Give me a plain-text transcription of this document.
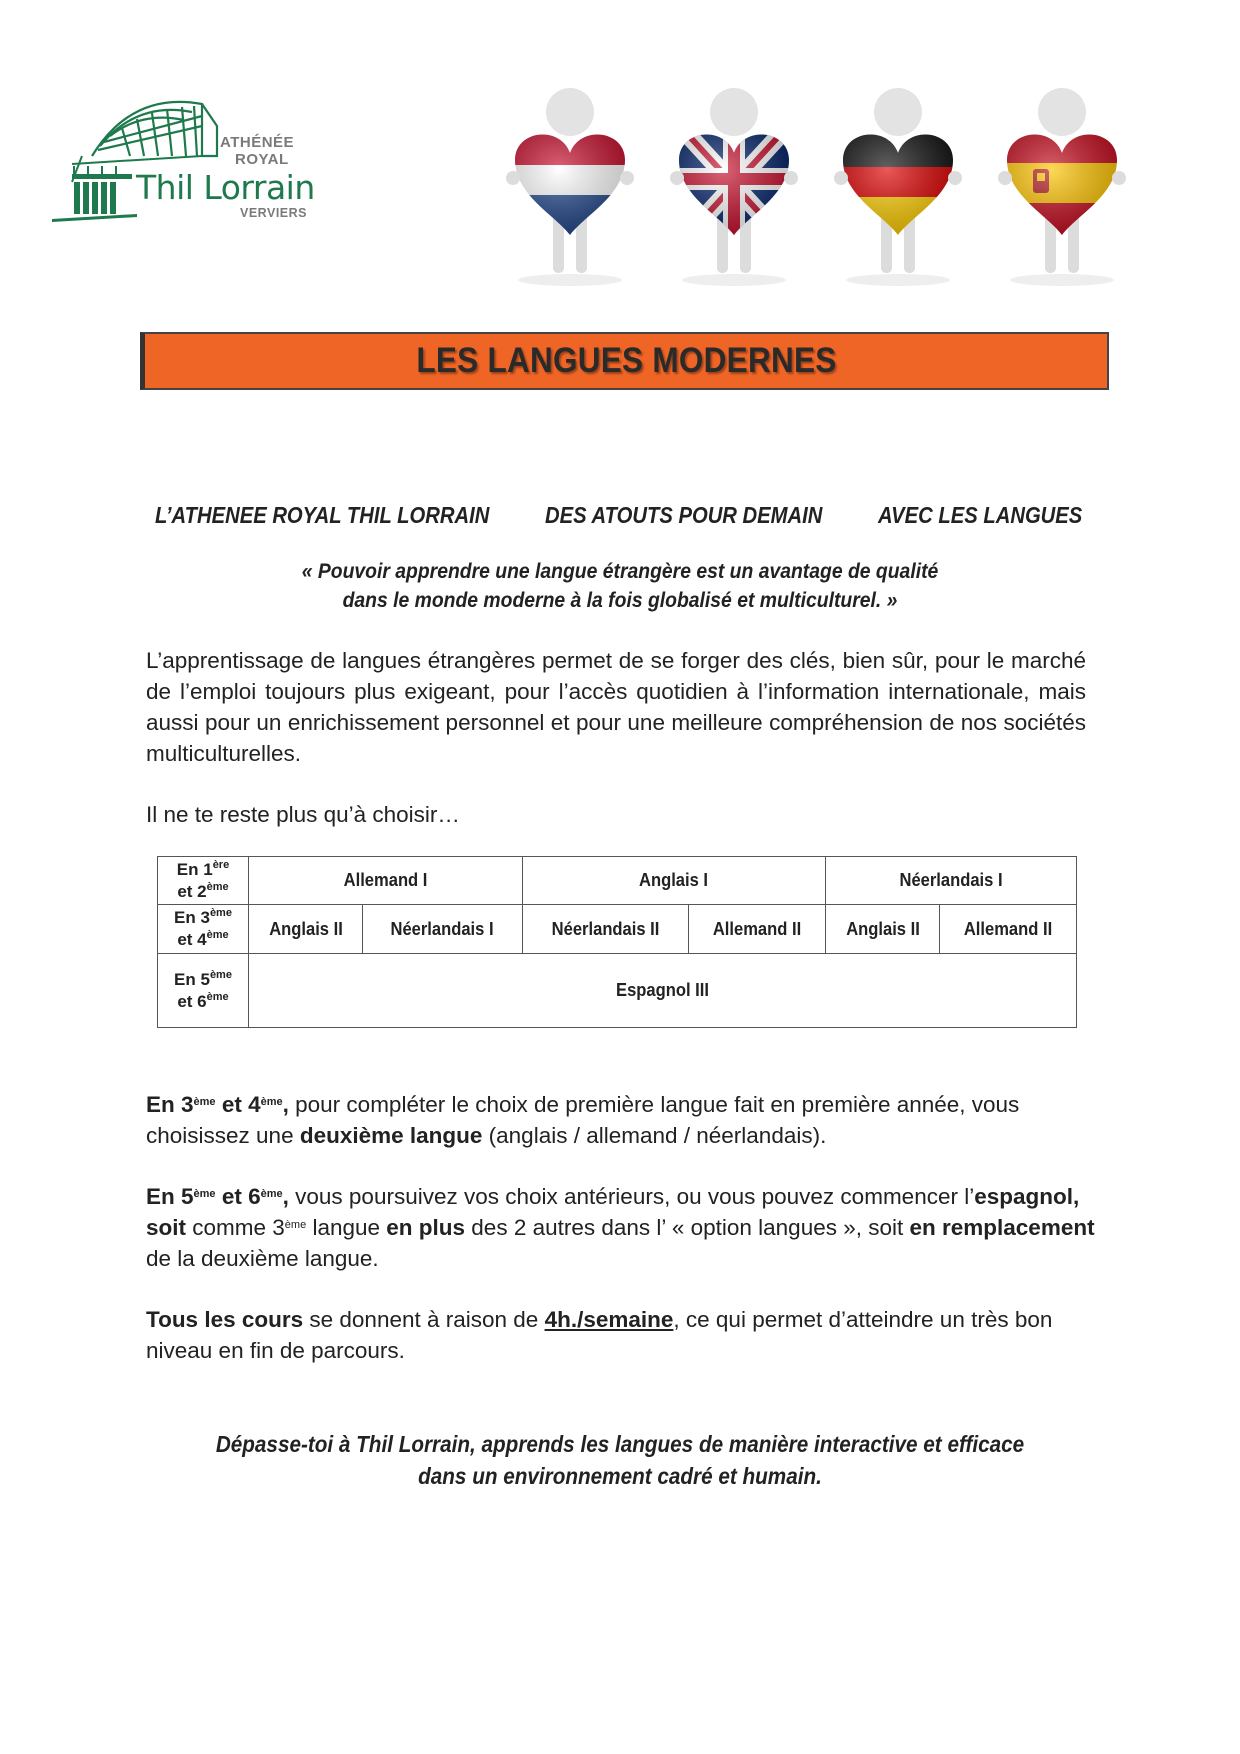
ATHÉNÉE
ROYAL
Thil Lorrain
VERVIERS
LES LANGUES MODERNES
L’ATHENEE ROYAL THIL LORRAIN DES ATOUTS POUR DEMAIN AVEC LES LANGUES
« Pouvoir apprendre une langue étrangère est un avantage de qualité
dans le monde moderne à la fois globalisé et multiculturel. »
L’apprentissage de langues étrangères permet de se forger des clés, bien sûr, pour le marché
de l’emploi toujours plus exigeant, pour l’accès quotidien à l’information internationale, mais
aussi pour un enrichissement personnel et pour une meilleure compréhension de nos sociétés
multiculturelles.
Il ne te reste plus qu’à choisir…
En 1ère
et 2ème	Allemand I		Anglais I		Néerlandais I	

En 3ème
et 4ème	Anglais II	Néerlandais I	Néerlandais II	Allemand II	Anglais II	Allemand II

En 5ème
et 6ème	Espagnol III					
En 3ème et 4ème, pour compléter le choix de première langue fait en première année, vous
choisissez une deuxième langue (anglais / allemand / néerlandais).
En 5ème et 6ème, vous poursuivez vos choix antérieurs, ou vous pouvez commencer l’espagnol,
soit comme 3ème langue en plus des 2 autres dans l’ « option langues », soit en remplacement
de la deuxième langue.
Tous les cours se donnent à raison de 4h./semaine, ce qui permet d’atteindre un très bon
niveau en fin de parcours.
Dépasse-toi à Thil Lorrain, apprends les langues de manière interactive et efficace
dans un environnement cadré et humain.
